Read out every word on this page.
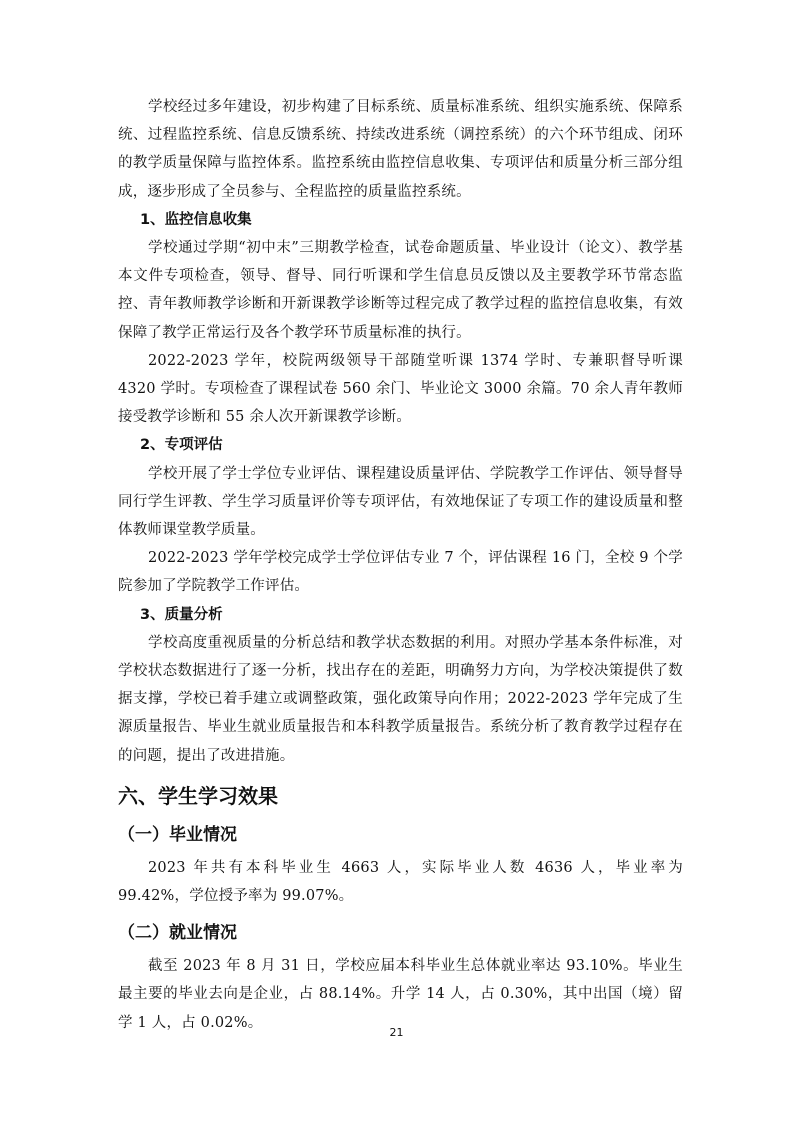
学校经过多年建设，初步构建了目标系统、质量标准系统、组织实施系统、保障系统、过程监控系统、信息反馈系统、持续改进系统（调控系统）的六个环节组成、闭环的教学质量保障与监控体系。监控系统由监控信息收集、专项评估和质量分析三部分组成，逐步形成了全员参与、全程监控的质量监控系统。

1、监控信息收集

学校通过学期“初中末”三期教学检查，试卷命题质量、毕业设计（论文）、教学基本文件专项检查，领导、督导、同行听课和学生信息员反馈以及主要教学环节常态监控、青年教师教学诊断和开新课教学诊断等过程完成了教学过程的监控信息收集，有效保障了教学正常运行及各个教学环节质量标准的执行。

2022-2023 学年，校院两级领导干部随堂听课 1374 学时、专兼职督导听课 4320 学时。专项检查了课程试卷 560 余门、毕业论文 3000 余篇。70 余人青年教师接受教学诊断和 55 余人次开新课教学诊断。

2、专项评估

学校开展了学士学位专业评估、课程建设质量评估、学院教学工作评估、领导督导同行学生评教、学生学习质量评价等专项评估，有效地保证了专项工作的建设质量和整体教师课堂教学质量。

2022-2023 学年学校完成学士学位评估专业 7 个，评估课程 16 门，全校 9 个学院参加了学院教学工作评估。

3、质量分析

学校高度重视质量的分析总结和教学状态数据的利用。对照办学基本条件标准，对学校状态数据进行了逐一分析，找出存在的差距，明确努力方向，为学校决策提供了数据支撑，学校已着手建立或调整政策，强化政策导向作用；2022-2023 学年完成了生源质量报告、毕业生就业质量报告和本科教学质量报告。系统分析了教育教学过程存在的问题，提出了改进措施。

六、学生学习效果
（一）毕业情况

2023 年共有本科毕业生 4663 人，实际毕业人数 4636 人，毕业率为 99.42%，学位授予率为 99.07%。

（二）就业情况

截至 2023 年 8 月 31 日，学校应届本科毕业生总体就业率达 93.10%。毕业生最主要的毕业去向是企业，占 88.14%。升学 14 人，占 0.30%，其中出国（境）留学 1 人，占 0.02%。

21
